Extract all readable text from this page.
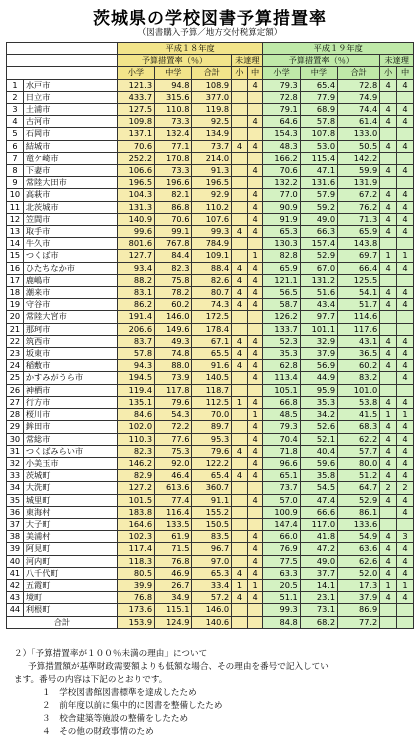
茨城県の学校図書予算措置率
（図書購入予算／地方交付税算定額）
		平成１８年度					平成１９年度				
		予算措置率（％）			未達理		予算措置率（％）			未達理	
		小学	中学	合計	小	中	小学	中学	合計	小	中
1	水戸市	121.3	94.8	108.9		4	79.3	65.4	72.8	4	4
2	日立市	433.7	315.6	377.0			72.8	77.9	74.9		
3	土浦市	127.5	110.8	119.8			79.1	68.9	74.4	4	4
4	古河市	109.8	73.3	92.5		4	64.6	57.8	61.4	4	4
5	石岡市	137.1	132.4	134.9			154.3	107.8	133.0		
6	結城市	70.6	77.1	73.7	4	4	48.3	53.0	50.5	4	4
7	竜ケ崎市	252.2	170.8	214.0			166.2	115.4	142.2		
8	下妻市	106.6	73.3	91.3		4	70.6	47.1	59.9	4	4
9	常陸大田市	196.5	196.6	196.5			132.2	131.6	131.9		
10	高萩市	104.3	82.1	92.9		4	77.0	57.9	67.2	4	4
11	北茨城市	131.3	86.8	110.2		4	90.9	59.2	76.2	4	4
12	笠間市	140.9	70.6	107.6		4	91.9	49.0	71.3	4	4
13	取手市	99.6	99.1	99.3	4	4	65.3	66.3	65.9	4	4
14	牛久市	801.6	767.8	784.9			130.3	157.4	143.8		
15	つくば市	127.7	84.4	109.1		1	82.8	52.9	69.7	1	1
16	ひたちなか市	93.4	82.3	88.4	4	4	65.9	67.0	66.4	4	4
17	鹿嶋市	88.2	75.8	82.6	4	4	121.1	131.2	125.5		
18	潮来市	83.1	78.2	80.7	4	4	56.5	51.6	54.1	4	4
19	守谷市	86.2	60.2	74.3	4	4	58.7	43.4	51.7	4	4
20	常陸大宮市	191.4	146.0	172.5			126.2	97.7	114.6		
21	那珂市	206.6	149.6	178.4			133.7	101.1	117.6		
22	筑西市	83.7	49.3	67.1	4	4	52.3	32.9	43.1	4	4
23	坂東市	57.8	74.8	65.5	4	4	35.3	37.9	36.5	4	4
24	稲敷市	94.3	88.0	91.6	4	4	62.8	56.9	60.2	4	4
25	かすみがうら市	194.5	73.9	140.5		4	113.4	44.9	83.2		4
26	神栖市	119.4	117.8	118.7			105.1	95.9	101.0		
27	行方市	135.1	79.6	112.5	1	4	66.8	35.3	53.8	4	4
28	桜川市	84.6	54.3	70.0		1	48.5	34.2	41.5	1	1
29	鉾田市	102.0	72.2	89.7		4	79.3	52.6	68.3	4	4
30	常総市	110.3	77.6	95.3		4	70.4	52.1	62.2	4	4
31	つくばみらい市	82.3	75.3	79.6	4	4	71.8	40.4	57.7	4	4
32	小美玉市	146.2	92.0	122.2		4	96.6	59.6	80.0	4	4
33	茨城町	82.9	46.4	65.4	4	4	65.1	35.8	51.2	4	4
34	大洗町	127.2	613.6	360.7			73.7	54.5	64.7	2	2
35	城里町	101.5	77.4	91.1		4	57.0	47.4	52.9	4	4
36	東海村	183.8	116.4	155.2			100.9	66.6	86.1		4
37	大子町	164.6	133.5	150.5			147.4	117.0	133.6		
38	美浦村	102.3	61.9	83.5		4	66.0	41.8	54.9	4	3
39	阿見町	117.4	71.5	96.7		4	76.9	47.2	63.6	4	4
40	河内町	118.3	76.8	97.0		4	77.5	49.0	62.6	4	4
41	八千代町	80.5	46.9	65.3	4	4	63.3	37.7	52.0	4	4
42	五霞町	39.9	26.7	33.4	1	1	20.5	14.1	17.3	1	1
43	境町	76.8	34.9	57.2	4	4	51.1	23.1	37.9	4	4
44	利根町	173.6	115.1	146.0			99.3	73.1	86.9		
合計		153.9	124.9	140.6			84.8	68.2	77.2		
２）「予算措置率が１００％未満の理由」について
予算措置額が基準財政需要額よりも低額な場合、その理由を番号で記入してい
ます。番号の内容は下記のとおりです。
１　学校図書館図書標準を達成したため
２　前年度以前に集中的に図書を整備したため
３　校舎建築等施設の整備をしたため
４　その他の財政事情のため
